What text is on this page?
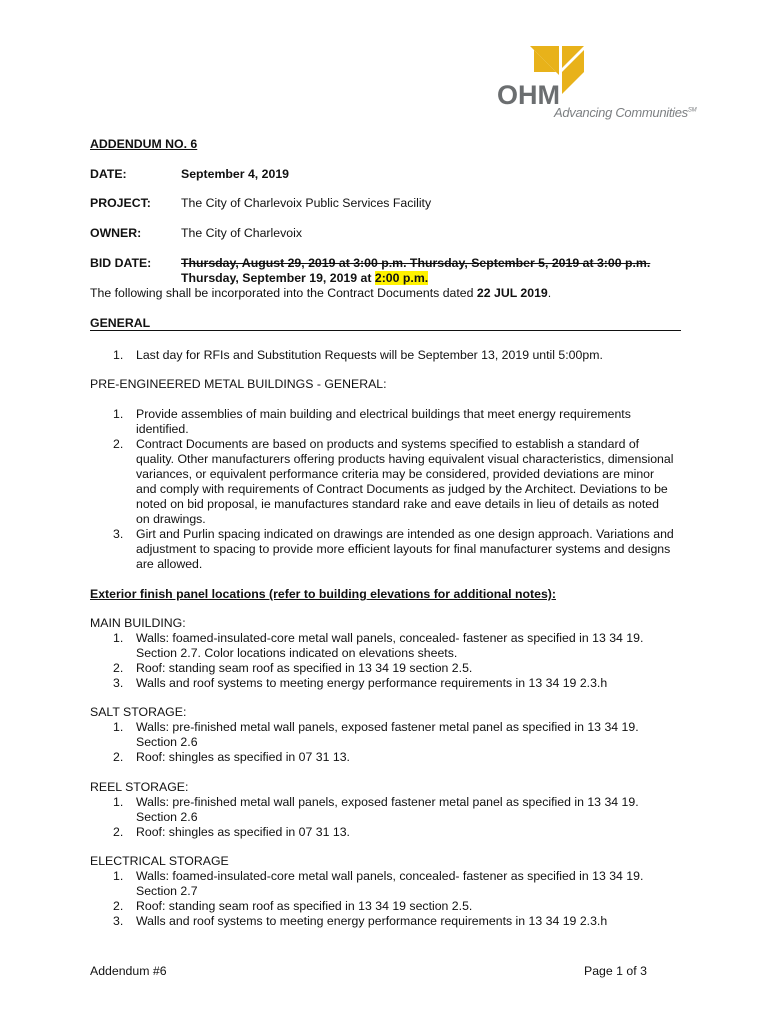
OHM
Advancing Communities℠
ADDENDUM NO. 6
DATE:	September 4, 2019
PROJECT: The City of Charlevoix Public Services Facility
OWNER:	The City of Charlevoix
BID DATE: Thursday, August 29, 2019 at 3:00 p.m. Thursday, September 5, 2019 at 3:00 p.m.
Thursday, September 19, 2019 at 2:00 p.m.
The following shall be incorporated into the Contract Documents dated 22 JUL 2019.
GENERAL
1. Last day for RFIs and Substitution Requests will be September 13, 2019 until 5:00pm.
PRE-ENGINEERED METAL BUILDINGS - GENERAL:
1. Provide assemblies of main building and electrical buildings that meet energy requirements identified.
2. Contract Documents are based on products and systems specified to establish a standard of quality. Other manufacturers offering products having equivalent visual characteristics, dimensional variances, or equivalent performance criteria may be considered, provided deviations are minor and comply with requirements of Contract Documents as judged by the Architect. Deviations to be noted on bid proposal, ie manufactures standard rake and eave details in lieu of details as noted on drawings.
3. Girt and Purlin spacing indicated on drawings are intended as one design approach. Variations and adjustment to spacing to provide more efficient layouts for final manufacturer systems and designs are allowed.
Exterior finish panel locations (refer to building elevations for additional notes):
MAIN BUILDING:
1. Walls: foamed-insulated-core metal wall panels, concealed- fastener as specified in 13 34 19. Section 2.7. Color locations indicated on elevations sheets.
2. Roof: standing seam roof as specified in 13 34 19 section 2.5.
3. Walls and roof systems to meeting energy performance requirements in 13 34 19 2.3.h
SALT STORAGE:
1. Walls: pre-finished metal wall panels, exposed fastener metal panel as specified in 13 34 19. Section 2.6
2. Roof: shingles as specified in 07 31 13.
REEL STORAGE:
1. Walls: pre-finished metal wall panels, exposed fastener metal panel as specified in 13 34 19. Section 2.6
2. Roof: shingles as specified in 07 31 13.
ELECTRICAL STORAGE
1. Walls: foamed-insulated-core metal wall panels, concealed- fastener as specified in 13 34 19. Section 2.7
2. Roof: standing seam roof as specified in 13 34 19 section 2.5.
3. Walls and roof systems to meeting energy performance requirements in 13 34 19 2.3.h
Addendum #6	Page 1 of 3
